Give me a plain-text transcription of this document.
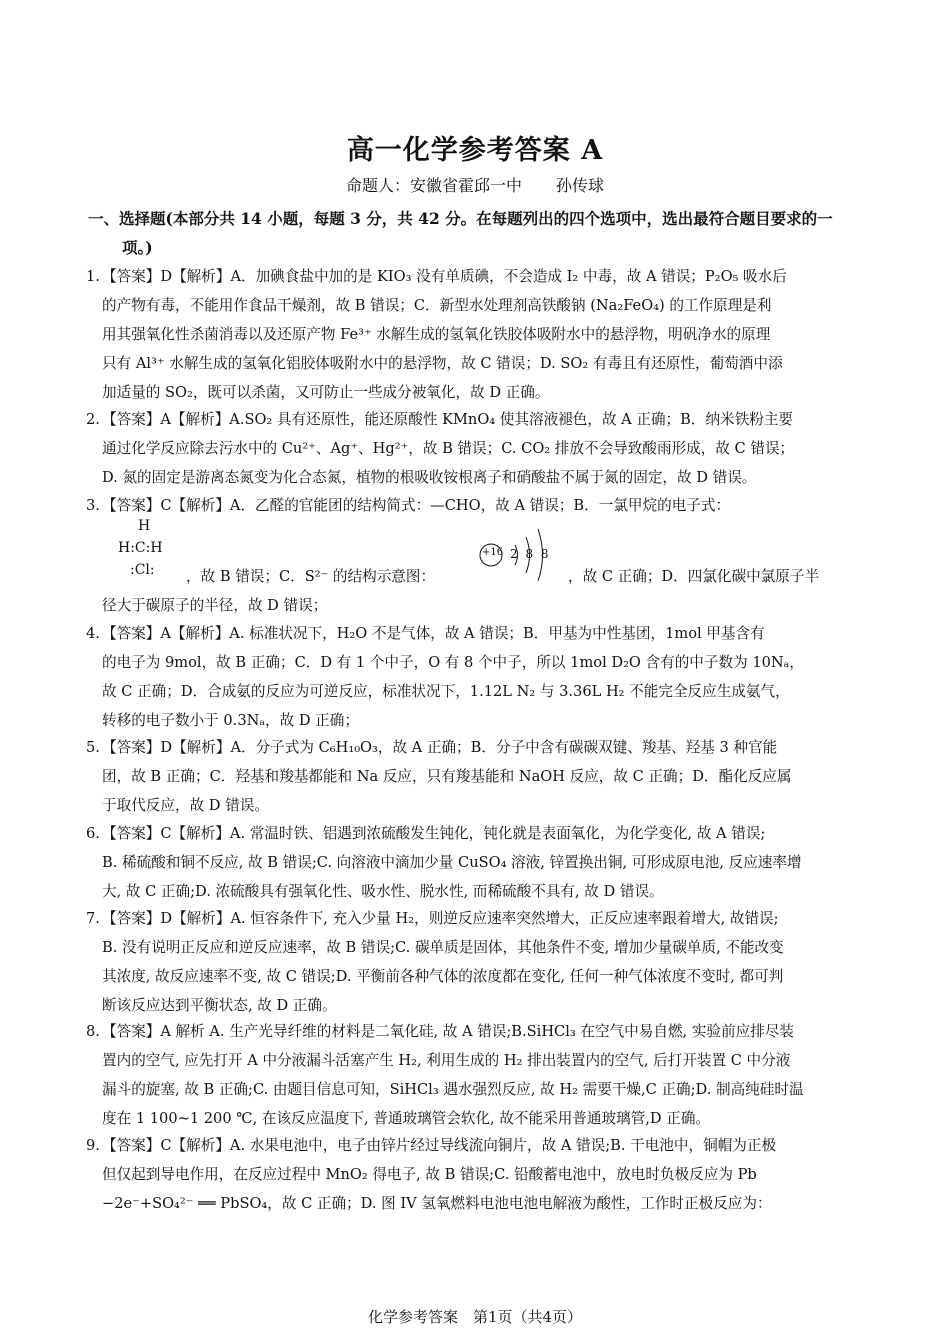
高一化学参考答案 A
命题人：安徽省霍邱一中 孙传球
一、选择题(本部分共 14 小题，每题 3 分，共 42 分。在每题列出的四个选项中，选出最符合题目要求的一
项。)
1. 【答案】D【解析】A．加碘食盐中加的是 KIO₃ 没有单质碘，不会造成 I₂ 中毒，故 A 错误；P₂O₅ 吸水后
的产物有毒，不能用作食品干燥剂，故 B 错误；C．新型水处理剂高铁酸钠 (Na₂FeO₄) 的工作原理是利
用其强氧化性杀菌消毒以及还原产物 Fe³⁺ 水解生成的氢氧化铁胶体吸附水中的悬浮物，明矾净水的原理
只有 Al³⁺ 水解生成的氢氧化铝胶体吸附水中的悬浮物，故 C 错误；D. SO₂ 有毒且有还原性，葡萄酒中添
加适量的 SO₂，既可以杀菌，又可防止一些成分被氧化，故 D 正确。
2. 【答案】A【解析】A.SO₂ 具有还原性，能还原酸性 KMnO₄ 使其溶液褪色，故 A 正确；B．纳米铁粉主要
通过化学反应除去污水中的 Cu²⁺、Ag⁺、Hg²⁺，故 B 错误；C. CO₂ 排放不会导致酸雨形成，故 C 错误；
D. 氮的固定是游离态氮变为化合态氮，植物的根吸收铵根离子和硝酸盐不属于氮的固定，故 D 错误。
3. 【答案】C【解析】A．乙醛的官能团的结构简式：—CHO，故 A 错误；B．一氯甲烷的电子式：
H
H:C:H
:Cl: ，故 B 错误；C．S²⁻ 的结构示意图：
+16 2 8 8
，故 C 正确；D．四氯化碳中氯原子半
径大于碳原子的半径，故 D 错误；
4. 【答案】A【解析】A. 标准状况下，H₂O 不是气体，故 A 错误；B．甲基为中性基团，1mol 甲基含有
的电子为 9mol，故 B 正确；C．D 有 1 个中子，O 有 8 个中子，所以 1mol D₂O 含有的中子数为 10Nₐ，
故 C 正确；D．合成氨的反应为可逆反应，标准状况下，1.12L N₂ 与 3.36L H₂ 不能完全反应生成氨气，
转移的电子数小于 0.3Nₐ，故 D 正确；
5. 【答案】D【解析】A．分子式为 C₆H₁₀O₃，故 A 正确；B．分子中含有碳碳双键、羧基、羟基 3 种官能
团，故 B 正确；C．羟基和羧基都能和 Na 反应，只有羧基能和 NaOH 反应，故 C 正确；D．酯化反应属
于取代反应，故 D 错误。
6. 【答案】C【解析】A. 常温时铁、铝遇到浓硫酸发生钝化，钝化就是表面氧化，为化学变化, 故 A 错误;
B. 稀硫酸和铜不反应, 故 B 错误;C. 向溶液中滴加少量 CuSO₄ 溶液, 锌置换出铜, 可形成原电池, 反应速率增
大, 故 C 正确;D. 浓硫酸具有强氧化性、吸水性、脱水性, 而稀硫酸不具有, 故 D 错误。
7. 【答案】D【解析】A. 恒容条件下, 充入少量 H₂，则逆反应速率突然增大，正反应速率跟着增大, 故错误;
B. 没有说明正反应和逆反应速率，故 B 错误;C. 碳单质是固体，其他条件不变, 增加少量碳单质, 不能改变
其浓度, 故反应速率不变, 故 C 错误;D. 平衡前各种气体的浓度都在变化, 任何一种气体浓度不变时, 都可判
断该反应达到平衡状态, 故 D 正确。
8. 【答案】A 解析 A. 生产光导纤维的材料是二氧化硅, 故 A 错误;B.SiHCl₃ 在空气中易自燃, 实验前应排尽装
置内的空气, 应先打开 A 中分液漏斗活塞产生 H₂, 利用生成的 H₂ 排出装置内的空气, 后打开装置 C 中分液
漏斗的旋塞, 故 B 正确;C. 由题目信息可知，SiHCl₃ 遇水强烈反应, 故 H₂ 需要干燥,C 正确;D. 制高纯硅时温
度在 1 100~1 200 ℃, 在该反应温度下, 普通玻璃管会软化, 故不能采用普通玻璃管,D 正确。
9. 【答案】C【解析】A. 水果电池中，电子由锌片经过导线流向铜片，故 A 错误;B. 干电池中，铜帽为正极
但仅起到导电作用，在反应过程中 MnO₂ 得电子, 故 B 错误;C. 铅酸蓄电池中，放电时负极反应为 Pb
−2e⁻+SO₄²⁻ ══ PbSO₄，故 C 正确；D. 图 IV 氢氧燃料电池电池电解液为酸性，工作时正极反应为：
化学参考答案　第1页（共4页）
